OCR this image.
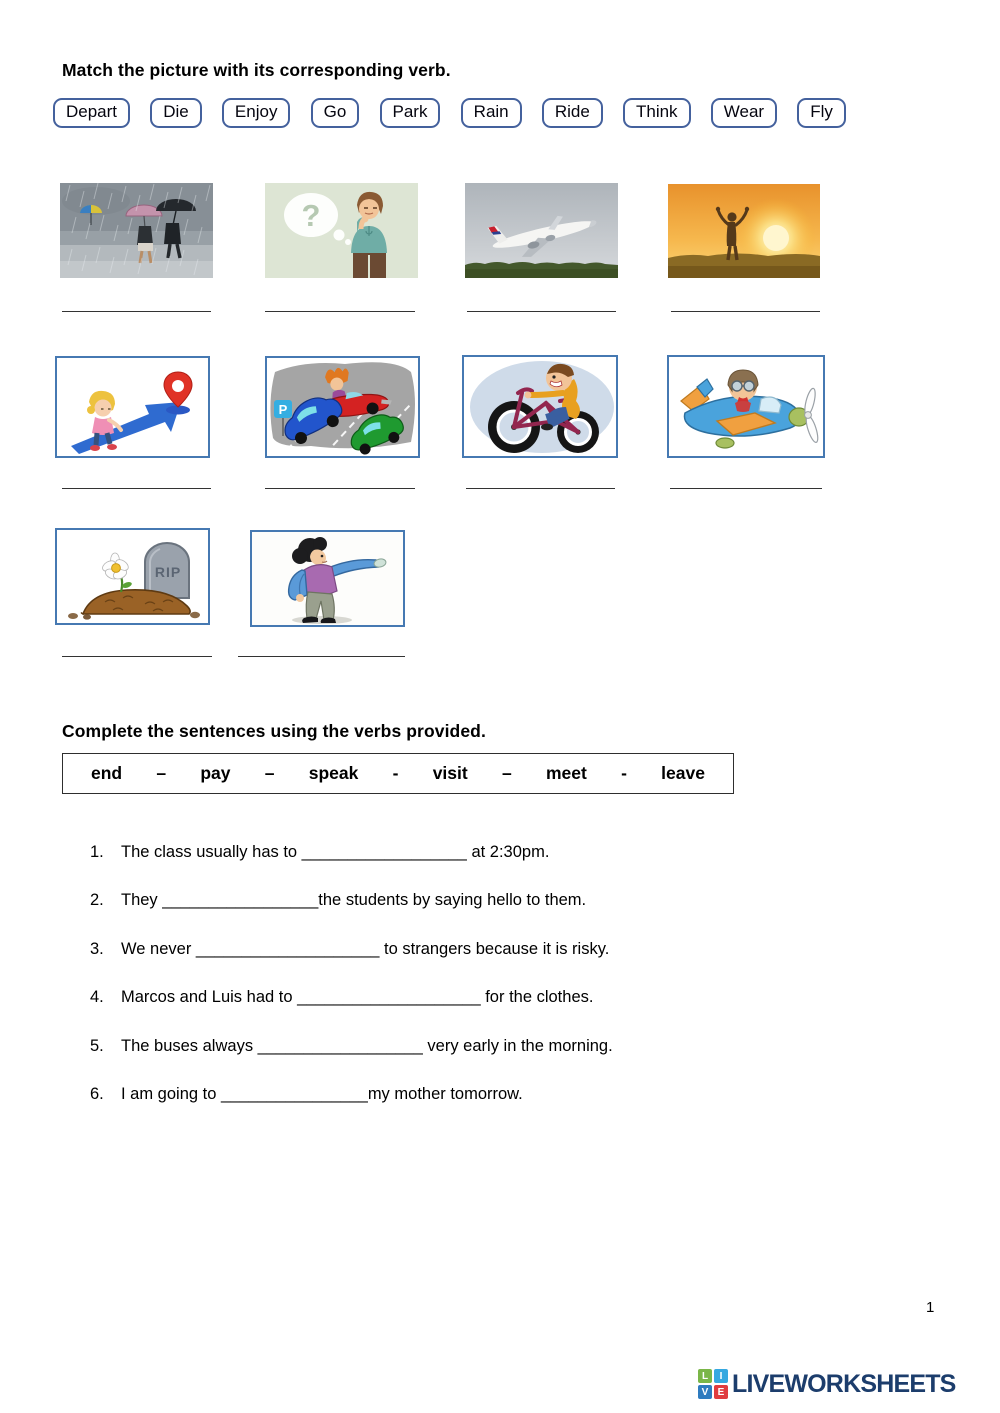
Match the picture with its corresponding verb.
Depart	Die	Enjoy	Go	Park	Rain	Ride	Think	Wear	Fly
?
P
RIP
Complete the sentences using the verbs provided.
end – pay – speak - visit – meet - leave
1.	The class usually has to __________________ at 2:30pm.
2.	They _________________the students by saying hello to them.
3.	We never ____________________ to strangers because it is risky.
4.	Marcos and Luis had to ____________________ for the clothes.
5.	The buses always __________________ very early in the morning.
6.	I am going to ________________my mother tomorrow.
1
L	I
V E LIVEWORKSHEETS
